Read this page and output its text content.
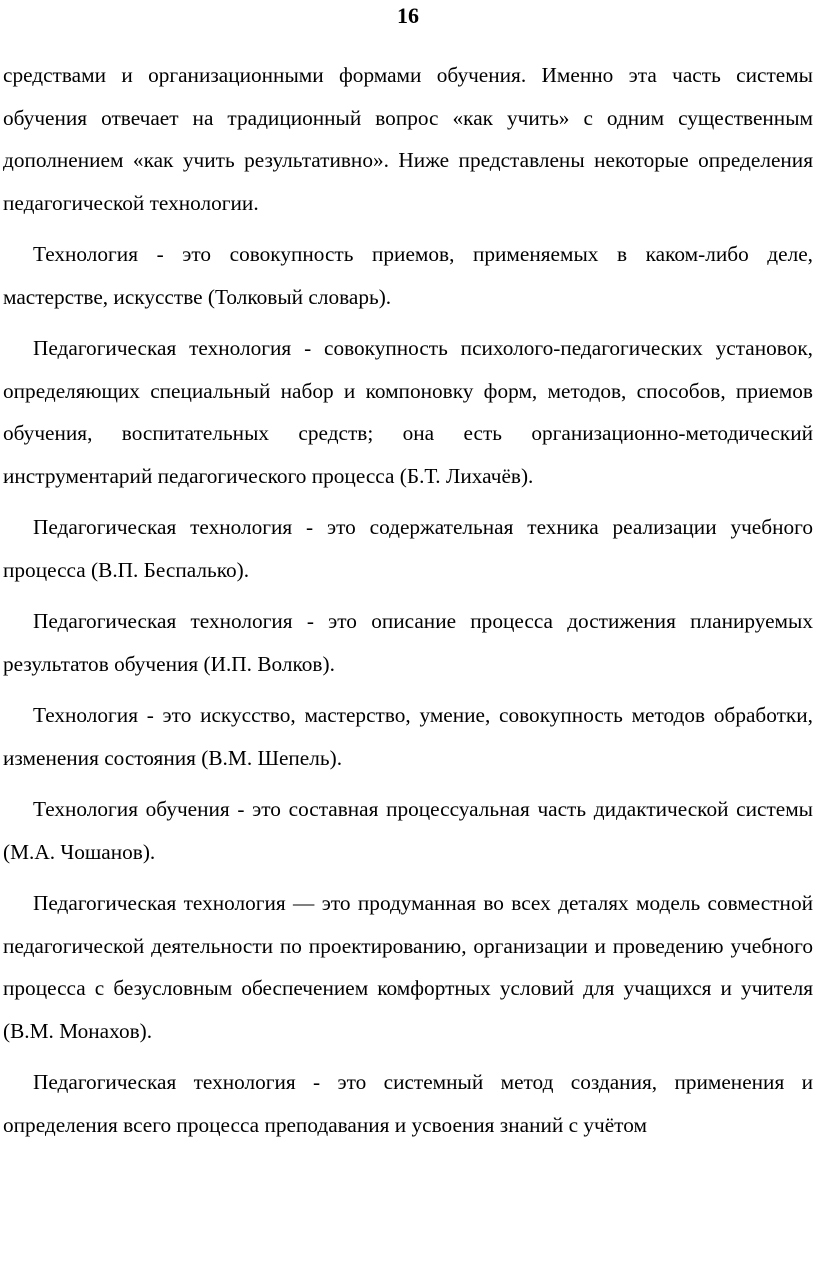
16

средствами и организационными формами обучения. Именно эта часть системы обучения отвечает на традиционный вопрос «как учить» с одним существенным дополнением «как учить результативно». Ниже представлены некоторые определения педагогической технологии.

Технология - это совокупность приемов, применяемых в каком-либо деле, мастерстве, искусстве (Толковый словарь).

Педагогическая технология - совокупность психолого-педагогических установок, определяющих специальный набор и компоновку форм, методов, способов, приемов обучения, воспитательных средств; она есть организационно-методический инструментарий педагогического процесса (Б.Т. Лихачёв).

Педагогическая технология - это содержательная техника реализации учебного процесса (В.П. Беспалько).

Педагогическая технология - это описание процесса достижения планируемых результатов обучения (И.П. Волков).

Технология - это искусство, мастерство, умение, совокупность методов обработки, изменения состояния (В.М. Шепель).

Технология обучения - это составная процессуальная часть дидактической системы (М.А. Чошанов).

Педагогическая технология — это продуманная во всех деталях модель совместной педагогической деятельности по проектированию, организации и проведению учебного процесса с безусловным обеспечением комфортных условий для учащихся и учителя (В.М. Монахов).

Педагогическая технология - это системный метод создания, применения и определения всего процесса преподавания и усвоения знаний с учётом
